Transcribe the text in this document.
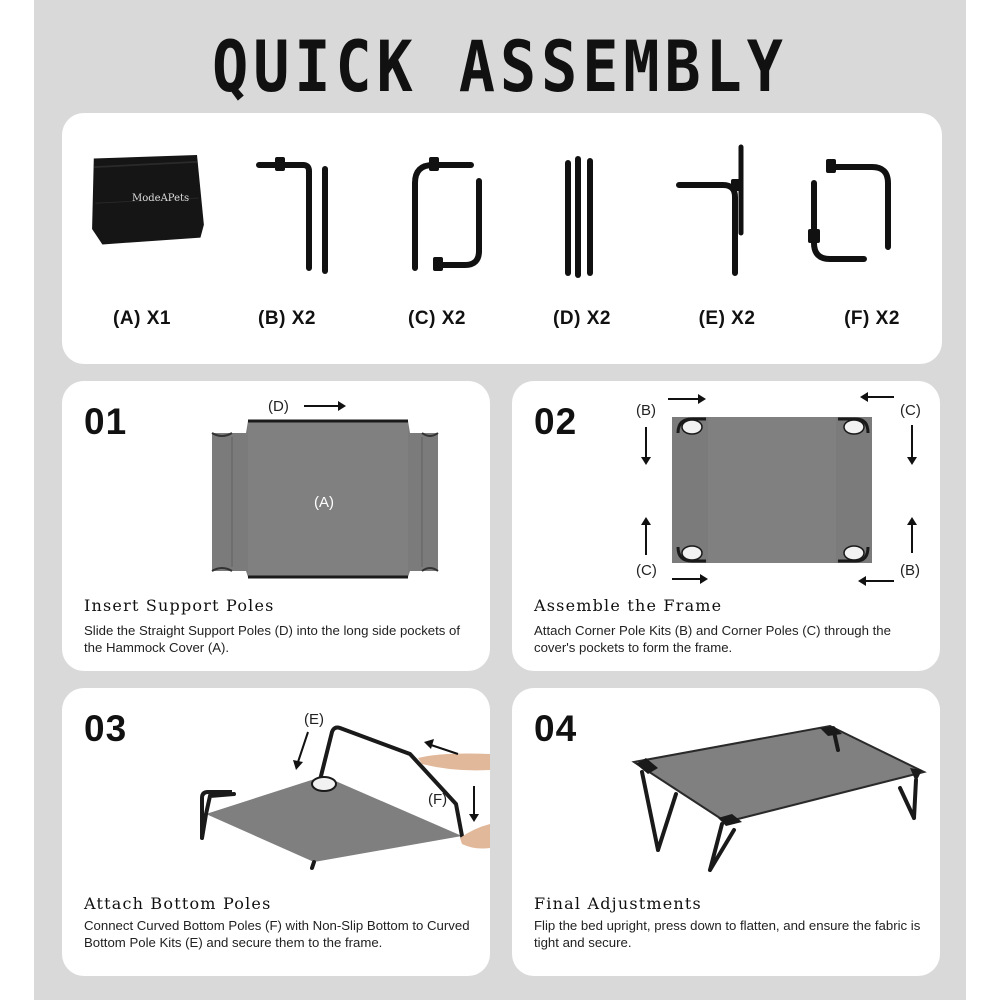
QUICK ASSEMBLY
ModeAPets
(A) X1	(B) X2	(C) X2	(D) X2	(E) X2	(F) X2
01	(D)
(A)
Insert Support Poles
Slide the Straight Support Poles (D) into the long side pockets of the Hammock Cover (A).
02	(B)	(C)
(C)	(B)
Assemble the Frame
Attach Corner Pole Kits (B) and Corner Poles (C) through the cover's pockets to form the frame.
03	(E)
(F)
Attach Bottom Poles
Connect Curved Bottom Poles (F) with Non-Slip Bottom to Curved Bottom Pole Kits (E) and secure them to the frame.
04
Final Adjustments
Flip the bed upright, press down to flatten, and ensure the fabric is tight and secure.
